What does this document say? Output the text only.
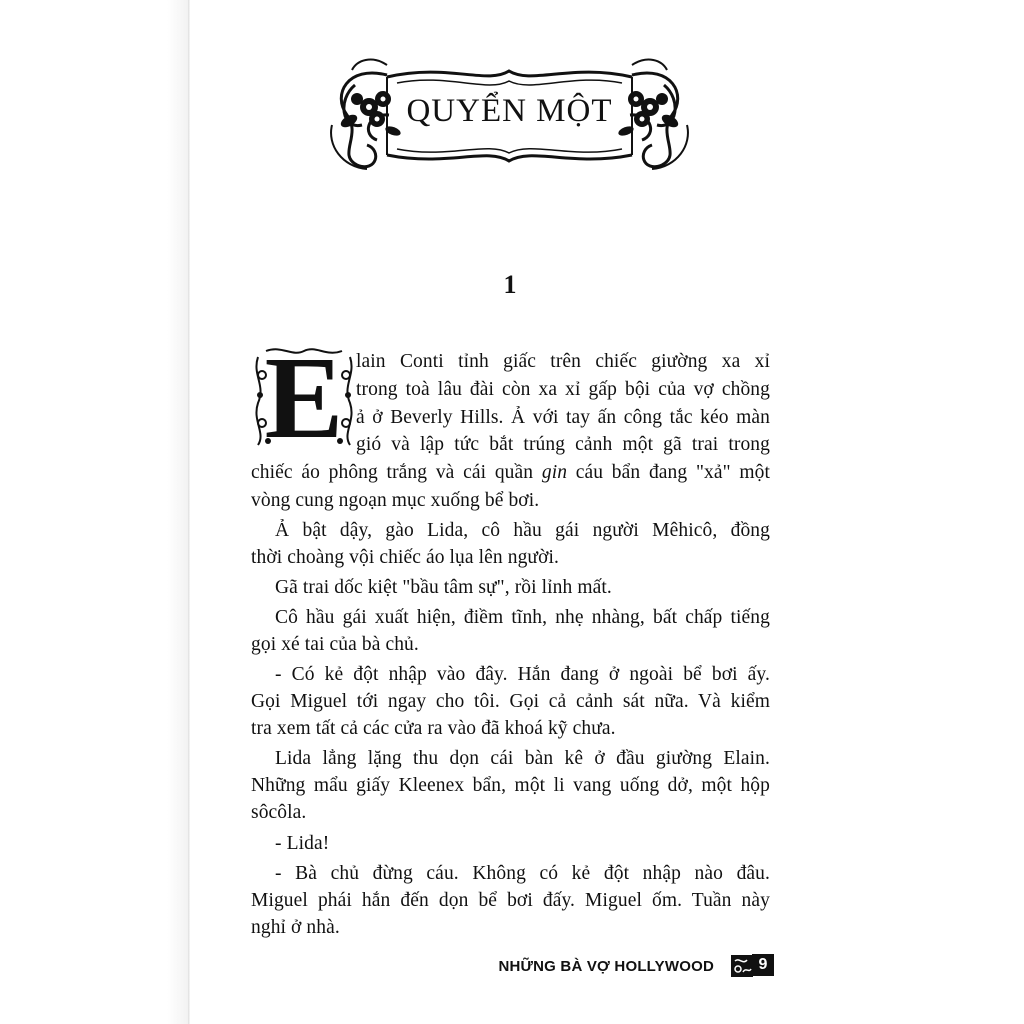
QUYỂN MỘT
1
E lain Conti tỉnh giấc trên chiếc giường xa xỉ
trong toà lâu đài còn xa xỉ gấp bội của vợ chồng
ả ở Beverly Hills. Ả với tay ấn công tắc kéo màn
gió và lập tức bắt trúng cảnh một gã trai trong
chiếc áo phông trắng và cái quần gin cáu bẩn đang "xả" một
vòng cung ngoạn mục xuống bể bơi.
Ả bật dậy, gào Lida, cô hầu gái người Mêhicô, đồng
thời choàng vội chiếc áo lụa lên người.
Gã trai dốc kiệt "bầu tâm sự", rồi lỉnh mất.
Cô hầu gái xuất hiện, điềm tĩnh, nhẹ nhàng, bất chấp tiếng
gọi xé tai của bà chủ.
- Có kẻ đột nhập vào đây. Hắn đang ở ngoài bể bơi ấy.
Gọi Miguel tới ngay cho tôi. Gọi cả cảnh sát nữa. Và kiểm
tra xem tất cả các cửa ra vào đã khoá kỹ chưa.
Lida lẳng lặng thu dọn cái bàn kê ở đầu giường Elain.
Những mẩu giấy Kleenex bẩn, một li vang uống dở, một hộp
sôcôla.
- Lida!
- Bà chủ đừng cáu. Không có kẻ đột nhập nào đâu.
Miguel phái hắn đến dọn bể bơi đấy. Miguel ốm. Tuần này
nghỉ ở nhà.
NHỮNG BÀ VỢ HOLLYWOOD	9
